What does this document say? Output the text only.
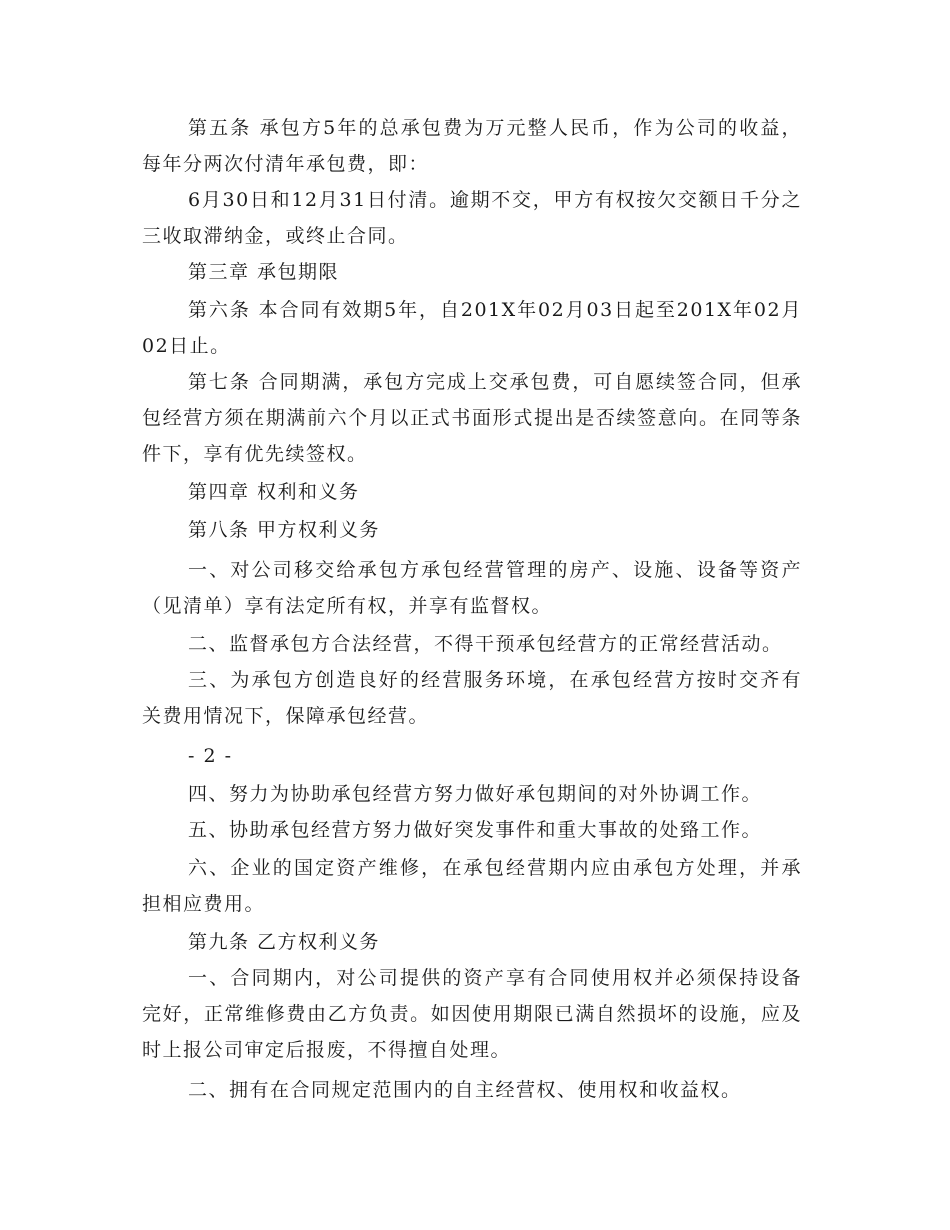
第五条 承包方5年的总承包费为万元整人民币，作为公司的收益，每年分两次付清年承包费，即：

6月30日和12月31日付清。逾期不交，甲方有权按欠交额日千分之三收取滞纳金，或终止合同。

第三章 承包期限

第六条 本合同有效期5年，自201X年02月03日起至201X年02月02日止。

第七条 合同期满，承包方完成上交承包费，可自愿续签合同，但承包经营方须在期满前六个月以正式书面形式提出是否续签意向。在同等条件下，享有优先续签权。

第四章 权利和义务

第八条 甲方权利义务

一、对公司移交给承包方承包经营管理的房产、设施、设备等资产（见清单）享有法定所有权，并享有监督权。

二、监督承包方合法经营，不得干预承包经营方的正常经营活动。

三、为承包方创造良好的经营服务环境，在承包经营方按时交齐有关费用情况下，保障承包经营。

- 2 -

四、努力为协助承包经营方努力做好承包期间的对外协调工作。

五、协助承包经营方努力做好突发事件和重大事故的处臵工作。

六、企业的国定资产维修，在承包经营期内应由承包方处理，并承担相应费用。

第九条 乙方权利义务

一、合同期内，对公司提供的资产享有合同使用权并必须保持设备完好，正常维修费由乙方负责。如因使用期限已满自然损坏的设施，应及时上报公司审定后报废，不得擅自处理。

二、拥有在合同规定范围内的自主经营权、使用权和收益权。
